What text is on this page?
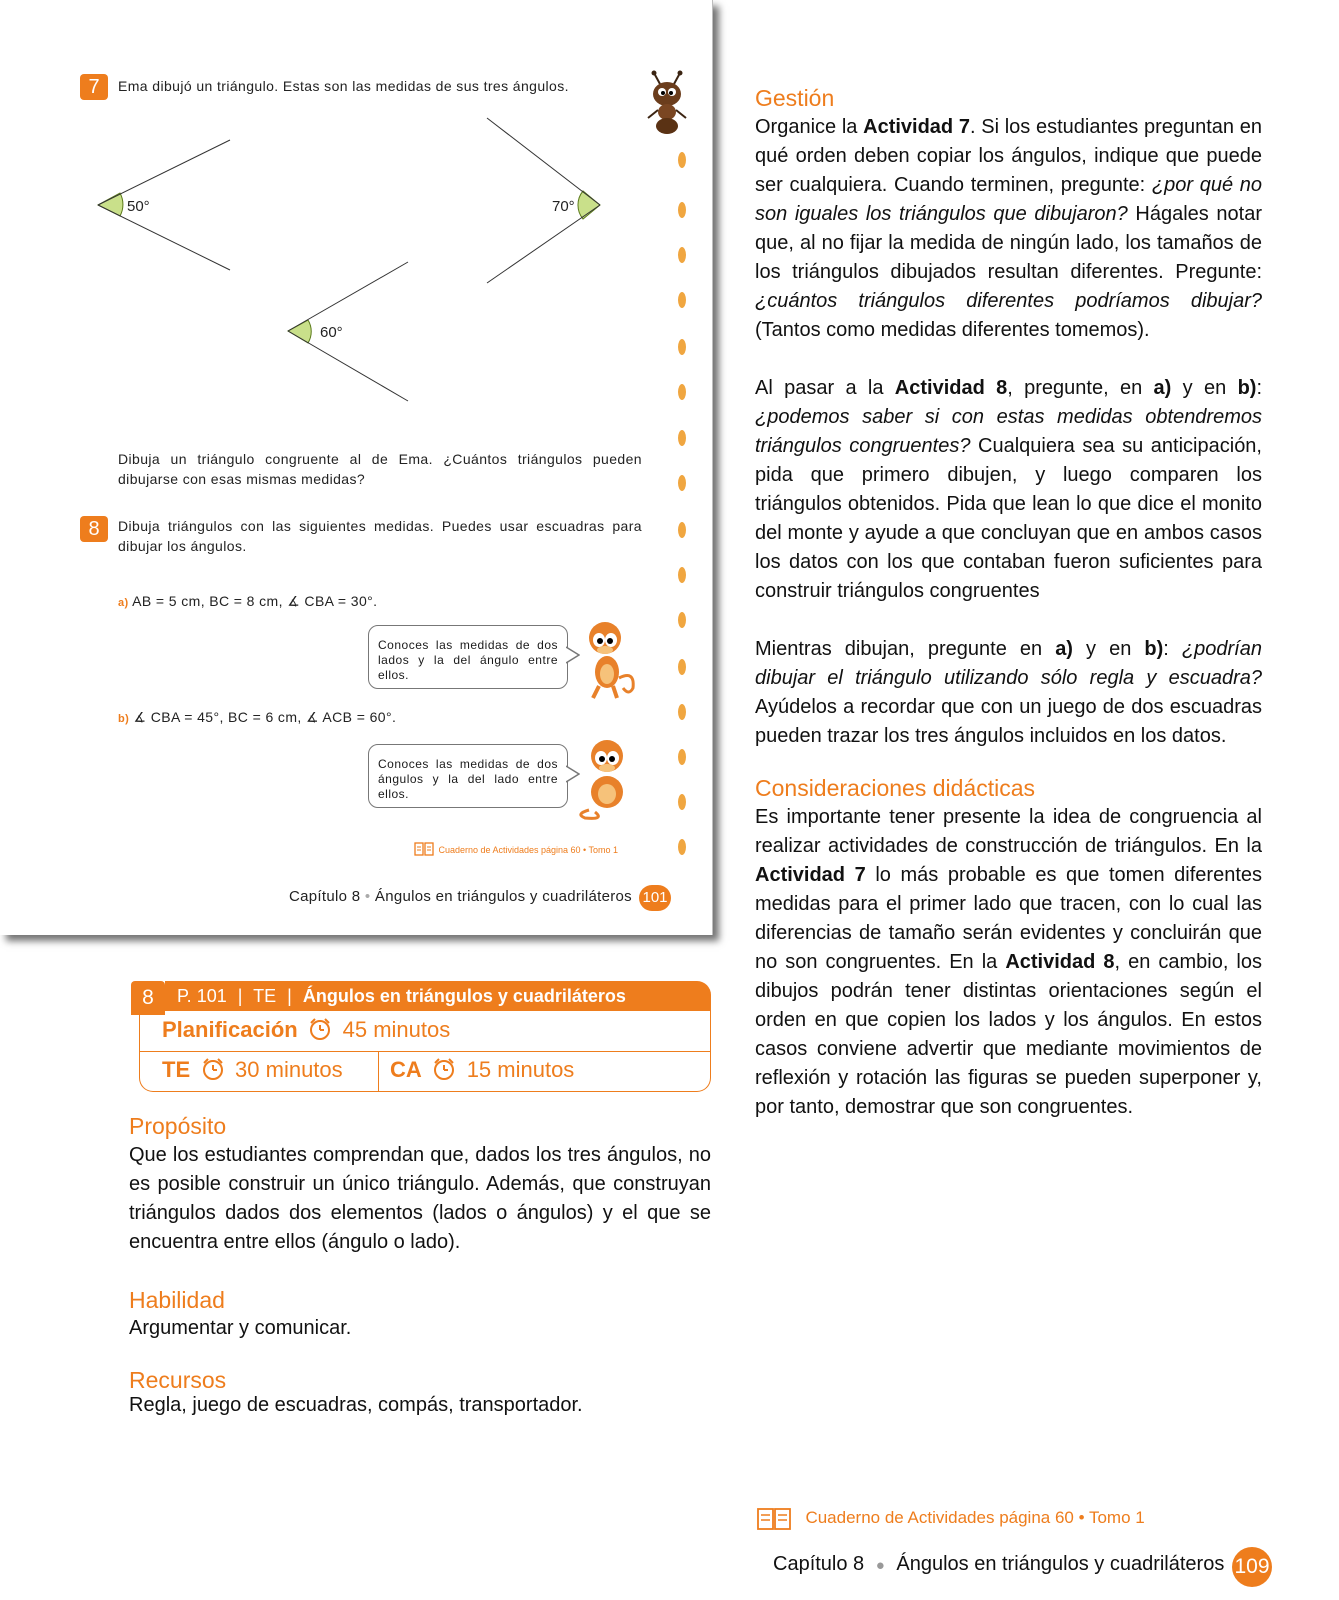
7	Ema dibujó un triángulo. Estas son las medidas de sus tres ángulos.
50°	70°
60°
Dibuja un triángulo congruente al de Ema. ¿Cuántos triángulos pueden dibujarse con esas mismas medidas?
8	Dibuja triángulos con las siguientes medidas. Puedes usar escuadras para dibujar los ángulos.
a) AB = 5 cm, BC = 8 cm, ∡ CBA = 30°.
Conoces las medidas de dos lados y la del ángulo entre ellos.
b) ∡ CBA = 45°, BC = 6 cm, ∡ ACB = 60°.
Conoces las medidas de dos ángulos y la del lado entre ellos.
Cuaderno de Actividades página 60 • Tomo 1
Capítulo 8 • Ángulos en triángulos y cuadriláteros 101
8	P. 101 | TE | Ángulos en triángulos y cuadriláteros
Planificación 45 minutos
TE 30 minutos CA 15 minutos
Propósito
Que los estudiantes comprendan que, dados los tres ángulos, no es posible construir un único triángulo. Además, que construyan triángulos dados dos elementos (lados o ángulos) y el que se encuentra entre ellos (ángulo o lado).
Habilidad
Argumentar y comunicar.
Recursos
Regla, juego de escuadras, compás, transportador.
Gestión
Organice la Actividad 7. Si los estudiantes preguntan en qué orden deben copiar los ángulos, indique que puede ser cualquiera. Cuando terminen, pregunte: ¿por qué no son iguales los triángulos que dibujaron? Hágales notar que, al no fijar la medida de ningún lado, los tamaños de los triángulos dibujados resultan diferentes. Pregunte: ¿cuántos triángulos diferentes podríamos dibujar? (Tantos como medidas diferentes tomemos).
Al pasar a la Actividad 8, pregunte, en a) y en b): ¿podemos saber si con estas medidas obtendremos triángulos congruentes? Cualquiera sea su anticipación, pida que primero dibujen, y luego comparen los triángulos obtenidos. Pida que lean lo que dice el monito del monte y ayude a que concluyan que en ambos casos los datos con los que contaban fueron suficientes para construir triángulos congruentes
Mientras dibujan, pregunte en a) y en b): ¿podrían dibujar el triángulo utilizando sólo regla y escuadra? Ayúdelos a recordar que con un juego de dos escuadras pueden trazar los tres ángulos incluidos en los datos.
Consideraciones didácticas
Es importante tener presente la idea de congruencia al realizar actividades de construcción de triángulos. En la Actividad 7 lo más probable es que tomen diferentes medidas para el primer lado que tracen, con lo cual las diferencias de tamaño serán evidentes y concluirán que no son congruentes. En la Actividad 8, en cambio, los dibujos podrán tener distintas orientaciones según el orden en que copien los lados y los ángulos. En estos casos conviene advertir que mediante movimientos de reflexión y rotación las figuras se pueden superponer y, por tanto, demostrar que son congruentes.
Cuaderno de Actividades página 60 • Tomo 1
Capítulo 8 ● Ángulos en triángulos y cuadriláteros 109
